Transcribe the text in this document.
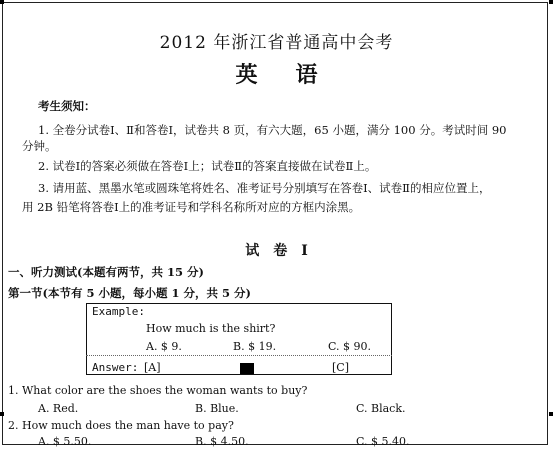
2012 年浙江省普通高中会考
英语
考生须知：
1. 全卷分试卷Ⅰ、Ⅱ和答卷Ⅰ，试卷共 8 页，有六大题，65 小题，满分 100 分。考试时间 90
分钟。
2. 试卷Ⅰ的答案必须做在答卷Ⅰ上；试卷Ⅱ的答案直接做在试卷Ⅱ上。
3. 请用蓝、黑墨水笔或圆珠笔将姓名、准考证号分别填写在答卷Ⅰ、试卷Ⅱ的相应位置上，
用 2B 铅笔将答卷Ⅰ上的准考证号和学科名称所对应的方框内涂黑。
试卷Ⅰ
一、听力测试(本题有两节，共 15 分)
第一节(本节有 5 小题，每小题 1 分，共 5 分)
Example:
How much is the shirt?
A. $ 9.	B. $ 19.	C. $ 90.
Answer: [A]	[C]
1. What color are the shoes the woman wants to buy?
A. Red.	B. Blue.	C. Black.
2. How much does the man have to pay?
A. $ 5.50.	B. $ 4.50.	C. $ 5.40.
